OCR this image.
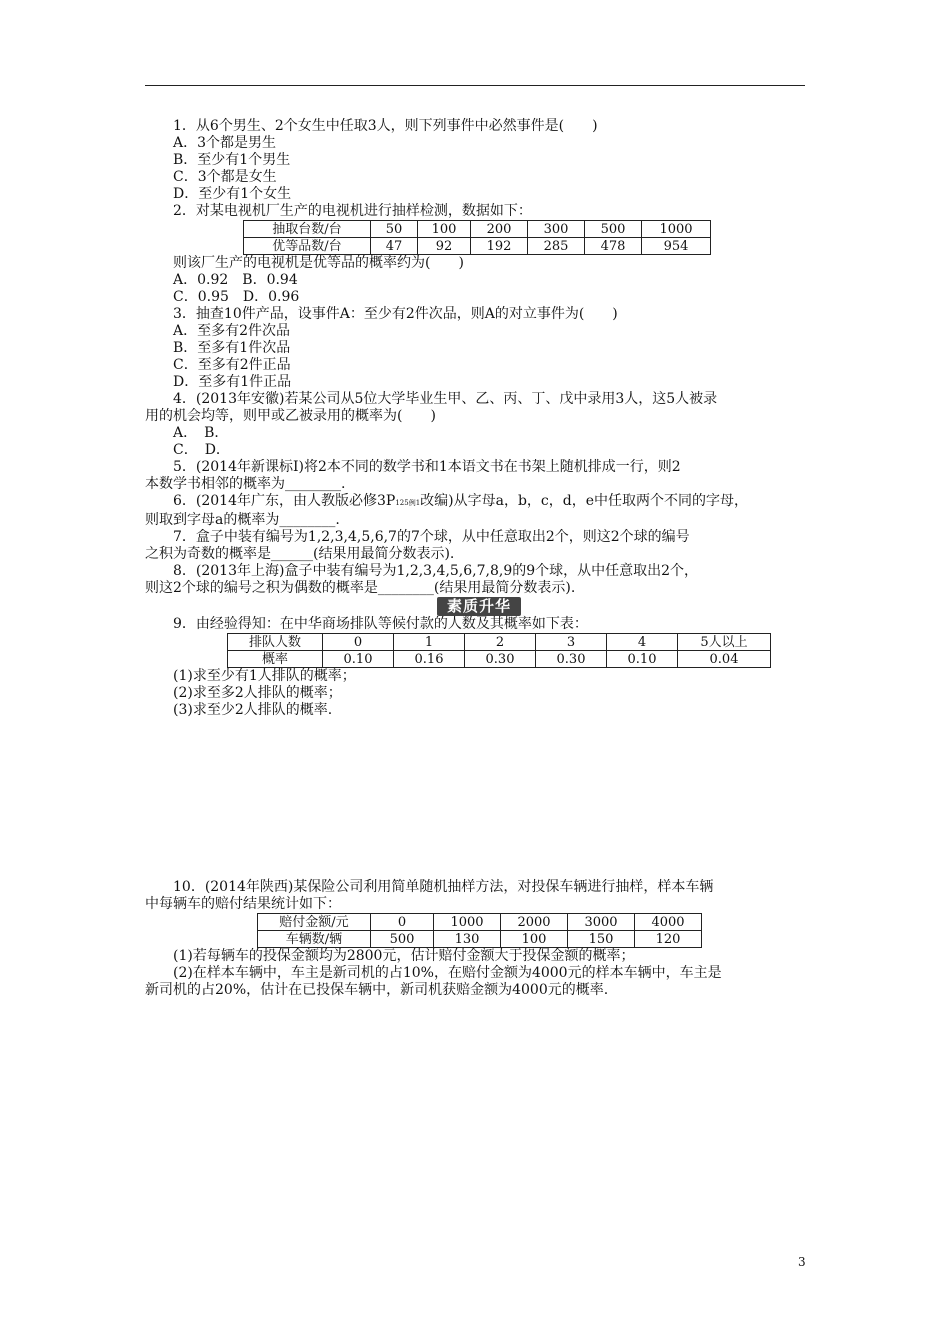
1．从6个男生、2个女生中任取3人，则下列事件中必然事件是(　　)
A．3个都是男生
B．至少有1个男生
C．3个都是女生
D．至少有1个女生
2．对某电视机厂生产的电视机进行抽样检测，数据如下：
抽取台数/台	50	100	200	300	500	1000
优等品数/台	47	92	192	285	478	954
则该厂生产的电视机是优等品的概率约为(　　)
A．0.92　B．0.94
C．0.95　D．0.96
3．抽查10件产品，设事件A：至少有2件次品，则A的对立事件为(　　)
A．至多有2件次品
B．至多有1件次品
C．至多有2件正品
D．至多有1件正品
4．(2013年安徽)若某公司从5位大学毕业生甲、乙、丙、丁、戊中录用3人，这5人被录
用的机会均等，则甲或乙被录用的概率为(　　)
A．　B．
C．　D．
5．(2014年新课标Ⅰ)将2本不同的数学书和1本语文书在书架上随机排成一行，则2
本数学书相邻的概率为________.
6．(2014年广东，由人教版必修3P125例1改编)从字母a，b，c，d，e中任取两个不同的字母，
则取到字母a的概率为________.
7．盒子中装有编号为1,2,3,4,5,6,7的7个球，从中任意取出2个，则这2个球的编号
之积为奇数的概率是______(结果用最简分数表示).
8．(2013年上海)盒子中装有编号为1,2,3,4,5,6,7,8,9的9个球，从中任意取出2个，
则这2个球的编号之积为偶数的概率是________(结果用最简分数表示).
素质升华
9．由经验得知：在中华商场排队等候付款的人数及其概率如下表：
排队人数	0	1	2	3	4	5人以上
概率	0.10	0.16	0.30	0.30	0.10	0.04
(1)求至少有1人排队的概率；
(2)求至多2人排队的概率；
(3)求至少2人排队的概率.
10．(2014年陕西)某保险公司利用简单随机抽样方法，对投保车辆进行抽样，样本车辆
中每辆车的赔付结果统计如下：
赔付金额/元	0	1000	2000	3000	4000
车辆数/辆	500	130	100	150	120
(1)若每辆车的投保金额均为2800元，估计赔付金额大于投保金额的概率；
(2)在样本车辆中，车主是新司机的占10%，在赔付金额为4000元的样本车辆中，车主是
新司机的占20%，估计在已投保车辆中，新司机获赔金额为4000元的概率.
3
